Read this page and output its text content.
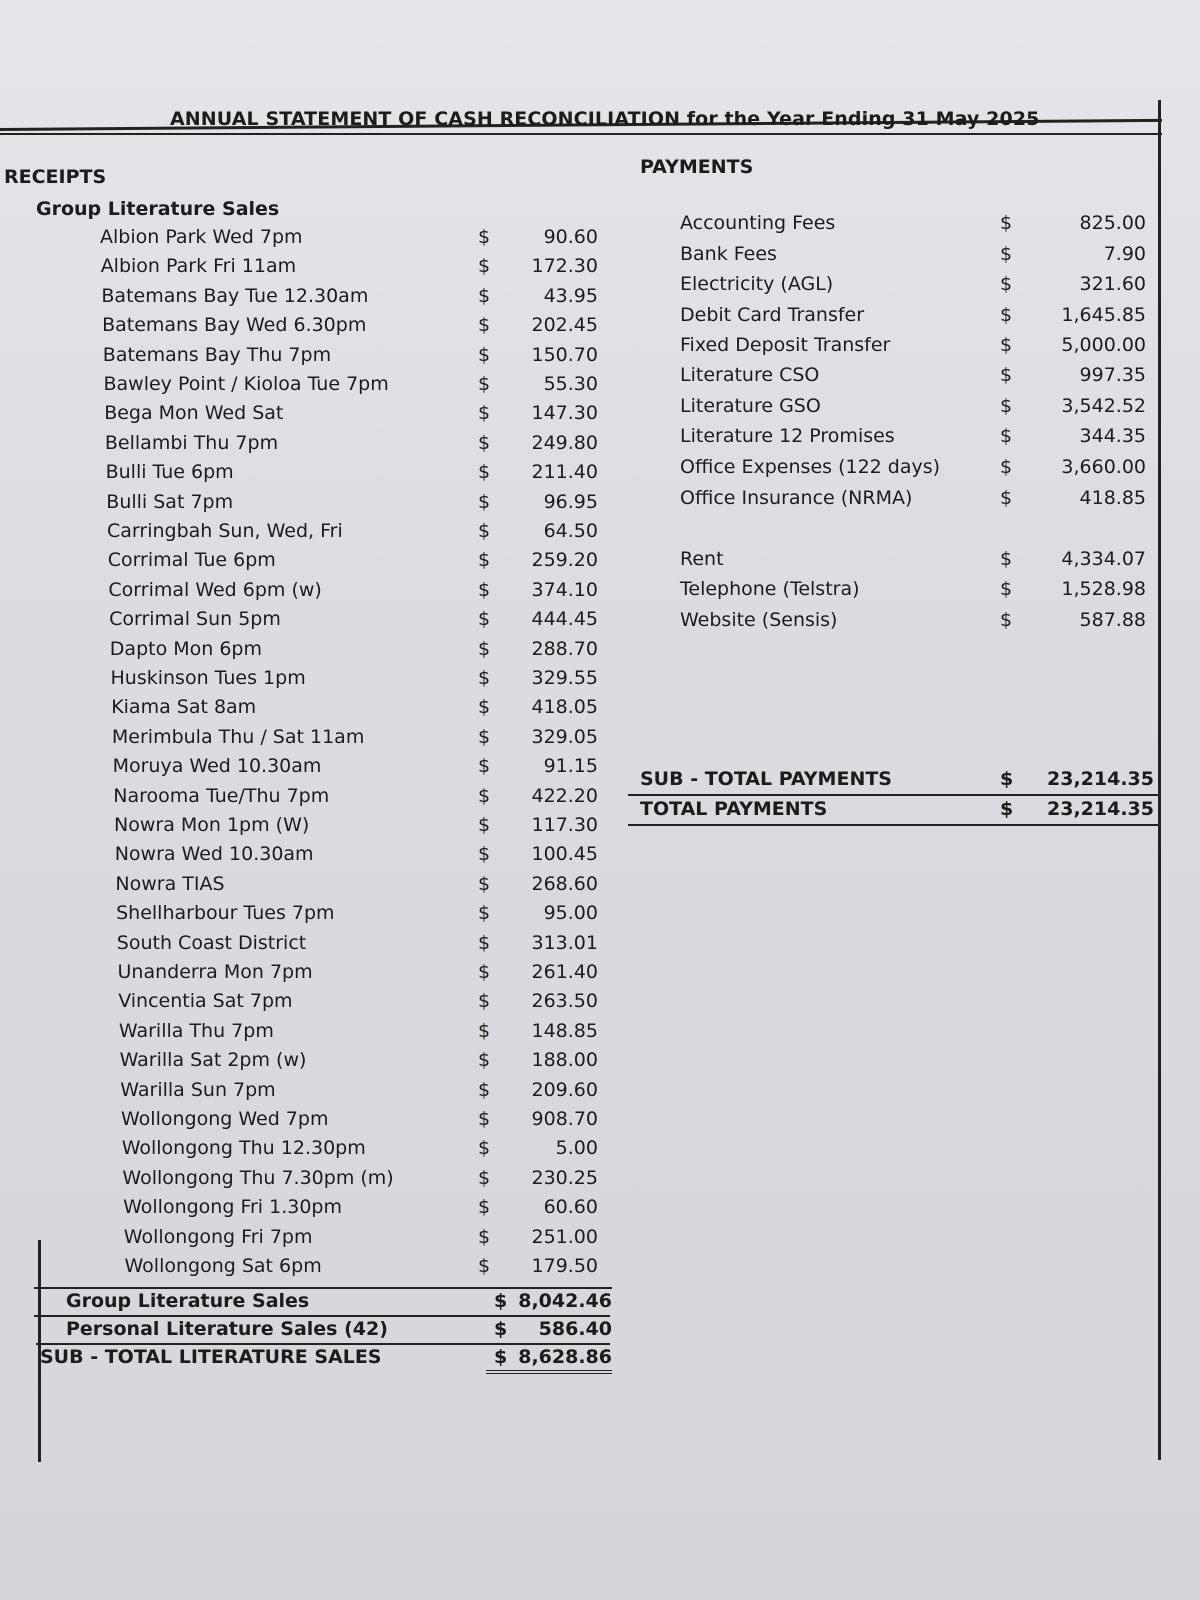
ANNUAL STATEMENT OF CASH RECONCILIATION for the Year Ending 31 May 2025
RECEIPTS	PAYMENTS
Group Literature Sales
Albion Park Wed 7pm	$	90.60
Albion Park Fri 11am	$	172.30
Batemans Bay Tue 12.30am	$	43.95
Batemans Bay Wed 6.30pm	$	202.45
Batemans Bay Thu 7pm	$	150.70
Bawley Point / Kioloa Tue 7pm	$	55.30
Bega Mon Wed Sat	$	147.30
Bellambi Thu 7pm	$	249.80
Bulli Tue 6pm	$	211.40
Bulli Sat 7pm	$	96.95
Carringbah Sun, Wed, Fri	$	64.50
Corrimal Tue 6pm	$	259.20
Corrimal Wed 6pm (w)	$	374.10
Corrimal Sun 5pm	$	444.45
Dapto Mon 6pm	$	288.70
Huskinson Tues 1pm	$	329.55
Kiama Sat 8am	$	418.05
Merimbula Thu / Sat 11am	$	329.05
Moruya Wed 10.30am	$	91.15
Narooma Tue/Thu 7pm	$	422.20
Nowra Mon 1pm (W)	$	117.30
Nowra Wed 10.30am	$	100.45
Nowra TIAS	$	268.60
Shellharbour Tues 7pm	$	95.00
South Coast District	$	313.01
Unanderra Mon 7pm	$	261.40
Vincentia Sat 7pm	$	263.50
Warilla Thu 7pm	$	148.85
Warilla Sat 2pm (w)	$	188.00
Warilla Sun 7pm	$	209.60
Wollongong Wed 7pm	$	908.70
Wollongong Thu 12.30pm	$	5.00
Wollongong Thu 7.30pm (m)	$	230.25
Wollongong Fri 1.30pm	$	60.60
Wollongong Fri 7pm	$	251.00
Wollongong Sat 6pm	$	179.50
Group Literature Sales	$ 8,042.46
Personal Literature Sales (42)	$	586.40
SUB - TOTAL LITERATURE SALES	$ 8,628.86
Accounting Fees	$	825.00
Bank Fees	$	7.90
Electricity (AGL)	$	321.60
Debit Card Transfer	$	1,645.85
Fixed Deposit Transfer	$	5,000.00
Literature CSO	$	997.35
Literature GSO	$	3,542.52
Literature 12 Promises	$	344.35
Office Expenses (122 days)	$	3,660.00
Office Insurance (NRMA)	$	418.85
Rent	$	4,334.07
Telephone (Telstra)	$	1,528.98
Website (Sensis)	$	587.88
SUB - TOTAL PAYMENTS	$	23,214.35
TOTAL PAYMENTS	$	23,214.35
